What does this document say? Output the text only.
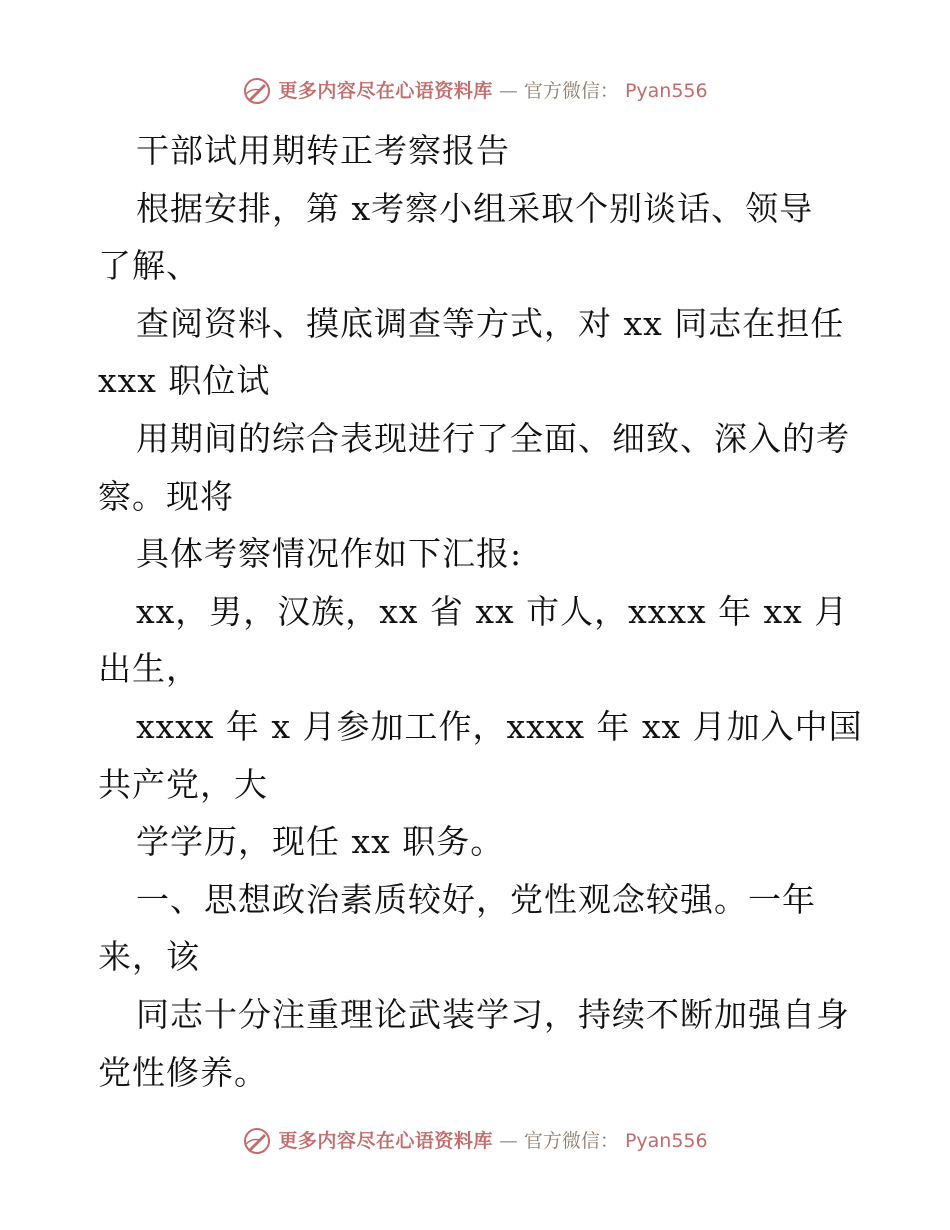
更多内容尽在心语资料库 — 官方微信： Pyan556
干部试用期转正考察报告
根据安排，第 x考察小组采取个别谈话、领导
了解、
查阅资料、摸底调查等方式，对 xx 同志在担任
xxx 职位试
用期间的综合表现进行了全面、细致、深入的考
察。现将
具体考察情况作如下汇报:
xx，男，汉族，xx 省 xx 市人，xxxx 年 xx 月
出生，
xxxx 年 x 月参加工作，xxxx 年 xx 月加入中国
共产党，大
学学历，现任 xx 职务。
一、思想政治素质较好，党性观念较强。一年
来，该
同志十分注重理论武装学习，持续不断加强自身
党性修养。
更多内容尽在心语资料库 — 官方微信： Pyan556
